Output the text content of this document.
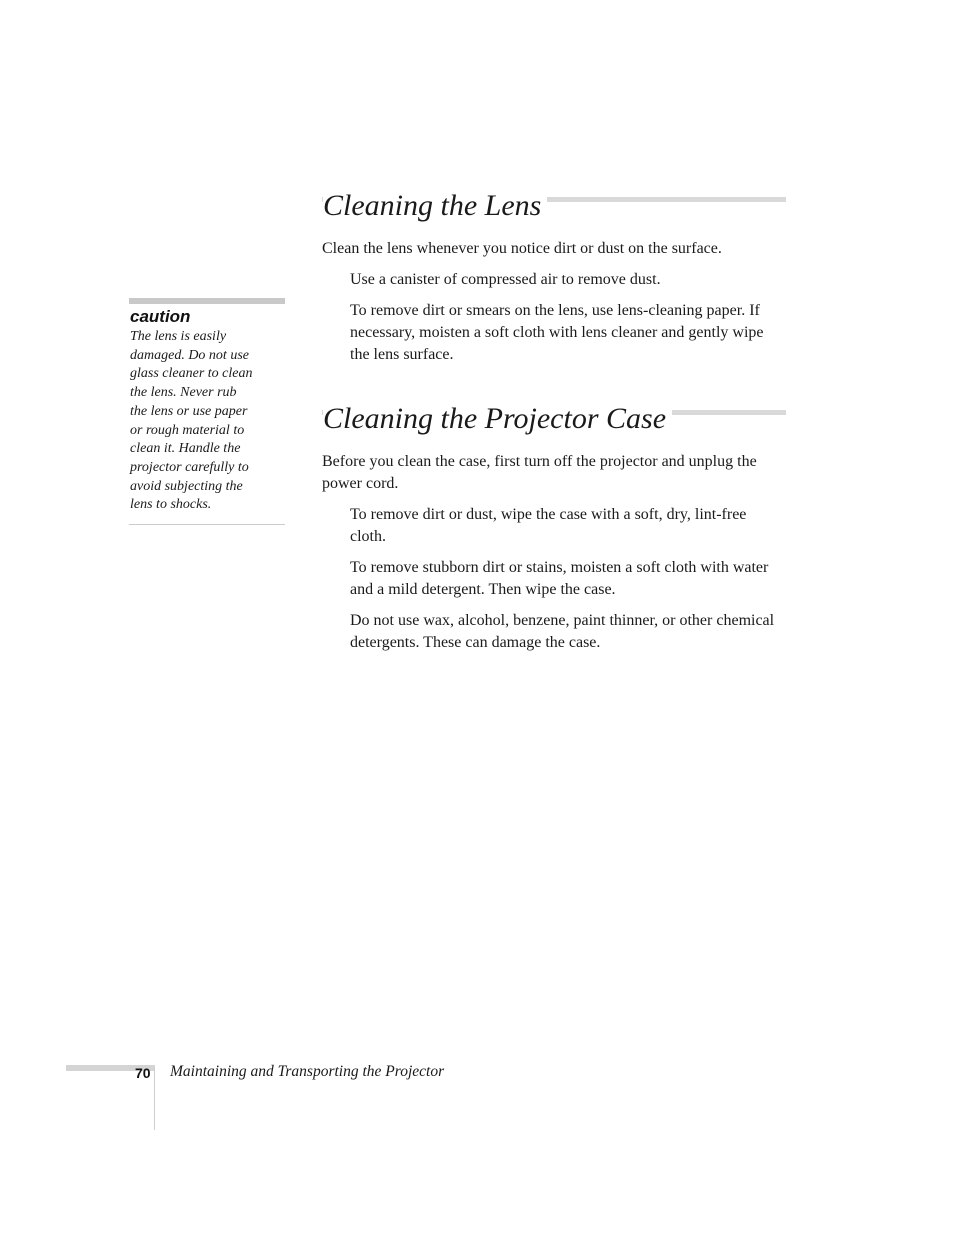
Cleaning the Lens

Clean the lens whenever you notice dirt or dust on the surface.

Use a canister of compressed air to remove dust.

To remove dirt or smears on the lens, use lens-cleaning paper. If necessary, moisten a soft cloth with lens cleaner and gently wipe the lens surface.

Cleaning the Projector Case

Before you clean the case, first turn off the projector and unplug the power cord.

To remove dirt or dust, wipe the case with a soft, dry, lint-free cloth.

To remove stubborn dirt or stains, moisten a soft cloth with water and a mild detergent. Then wipe the case.

Do not use wax, alcohol, benzene, paint thinner, or other chemical detergents. These can damage the case.

caution

The lens is easily damaged. Do not use glass cleaner to clean the lens. Never rub the lens or use paper or rough material to clean it. Handle the projector carefully to avoid subjecting the lens to shocks.

70 Maintaining and Transporting the Projector
